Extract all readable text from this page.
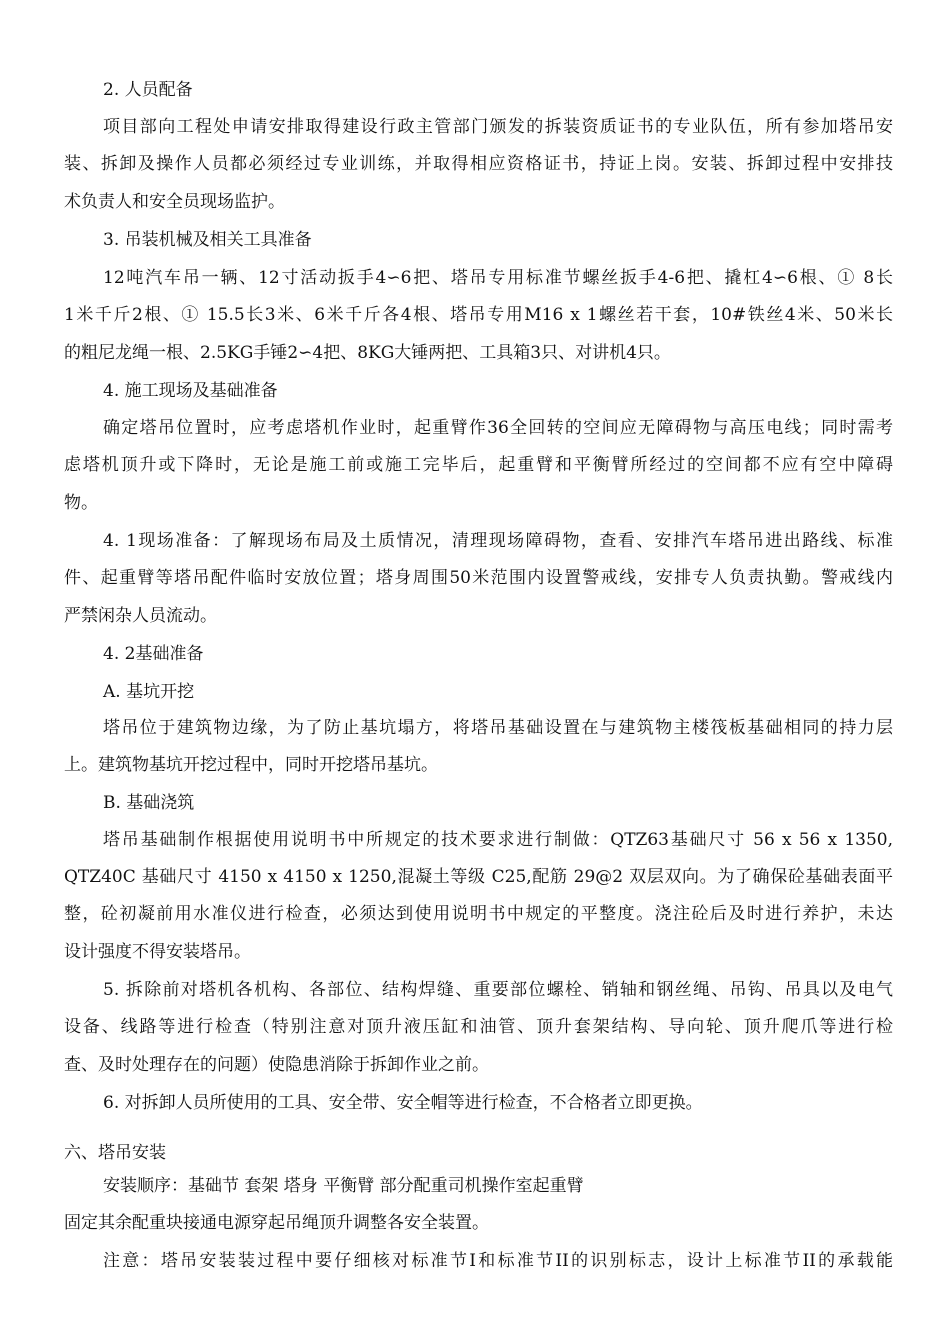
2. 人员配备
项目部向工程处申请安排取得建设行政主管部门颁发的拆装资质证书的专业队伍，所有参加塔吊安
装、拆卸及操作人员都必须经过专业训练，并取得相应资格证书，持证上岗。安装、拆卸过程中安排技
术负责人和安全员现场监护。
3. 吊装机械及相关工具准备
12吨汽车吊一辆、12寸活动扳手4∽6把、塔吊专用标准节螺丝扳手4-6把、撬杠4∽6根、① 8长
1米千斤2根、① 15.5长3米、6米千斤各4根、塔吊专用M16 x 1螺丝若干套，10#铁丝4米、50米长
的粗尼龙绳一根、2.5KG手锤2∽4把、8KG大锤两把、工具箱3只、对讲机4只。
4. 施工现场及基础准备
确定塔吊位置时，应考虑塔机作业时，起重臂作36全回转的空间应无障碍物与高压电线；同时需考
虑塔机顶升或下降时，无论是施工前或施工完毕后，起重臂和平衡臂所经过的空间都不应有空中障碍
物。
4. 1现场准备：了解现场布局及土质情况，清理现场障碍物，查看、安排汽车塔吊进出路线、标准
件、起重臂等塔吊配件临时安放位置；塔身周围50米范围内设置警戒线，安排专人负责执勤。警戒线内
严禁闲杂人员流动。
4. 2基础准备
A. 基坑开挖
塔吊位于建筑物边缘，为了防止基坑塌方，将塔吊基础设置在与建筑物主楼筏板基础相同的持力层
上。建筑物基坑开挖过程中，同时开挖塔吊基坑。
B. 基础浇筑
塔吊基础制作根据使用说明书中所规定的技术要求进行制做：QTZ63基础尺寸 56 x 56 x 1350,
QTZ40C 基础尺寸 4150 x 4150 x 1250,混凝土等级 C25,配筋 29@2 双层双向。为了确保砼基础表面平
整，砼初凝前用水准仪进行检查，必须达到使用说明书中规定的平整度。浇注砼后及时进行养护，未达
设计强度不得安装塔吊。
5. 拆除前对塔机各机构、各部位、结构焊缝、重要部位螺栓、销轴和钢丝绳、吊钩、吊具以及电气
设备、线路等进行检查（特别注意对顶升液压缸和油管、顶升套架结构、导向轮、顶升爬爪等进行检
查、及时处理存在的问题）使隐患消除于拆卸作业之前。
6. 对拆卸人员所使用的工具、安全带、安全帽等进行检查，不合格者立即更换。
六、塔吊安装
安装顺序：基础节 套架 塔身 平衡臂 部分配重司机操作室起重臂
固定其余配重块接通电源穿起吊绳顶升调整各安全装置。
注意：塔吊安装装过程中要仔细核对标准节I和标准节II的识别标志，设计上标准节II的承载能
